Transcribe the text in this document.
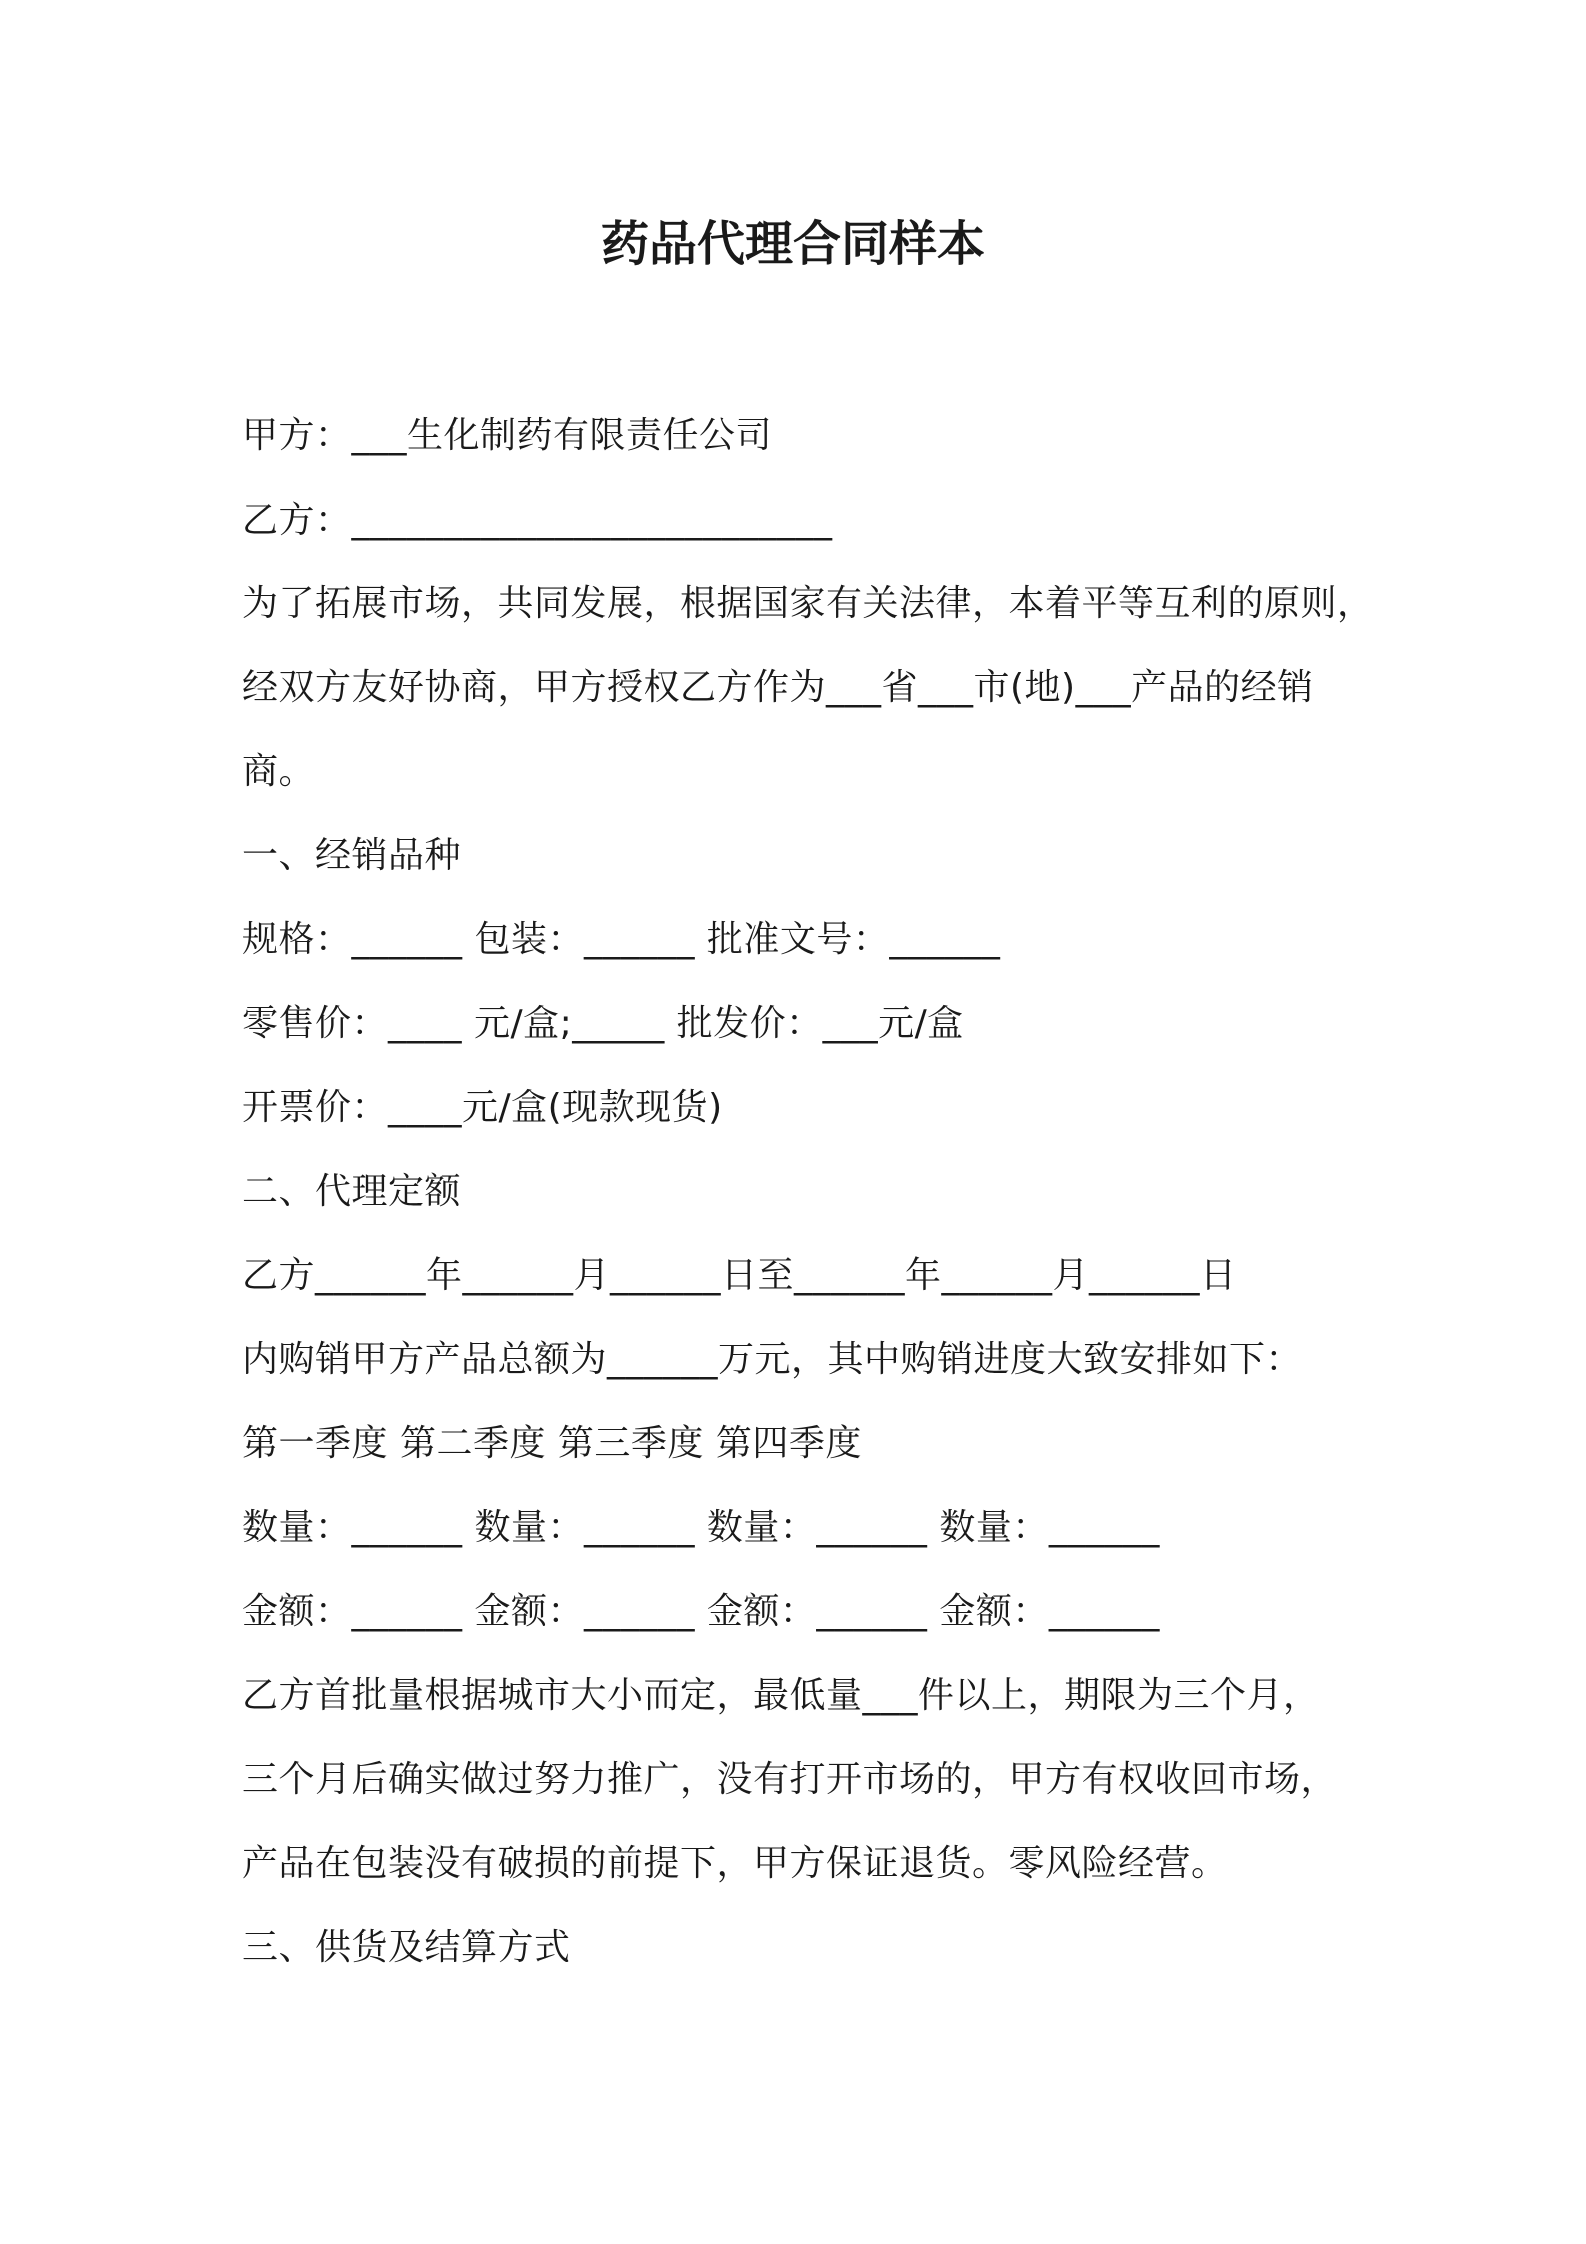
药品代理合同样本
甲方：___生化制药有限责任公司
乙方：__________________________
为了拓展市场，共同发展，根据国家有关法律，本着平等互利的原则，
经双方友好协商，甲方授权乙方作为___省___市(地)___产品的经销
商。
一、经销品种
规格：______ 包装：______ 批准文号：______
零售价：____ 元/盒;_____ 批发价：___元/盒
开票价：____元/盒(现款现货)
二、代理定额
乙方______年______月______日至______年______月______日
内购销甲方产品总额为______万元，其中购销进度大致安排如下：
第一季度 第二季度 第三季度 第四季度
数量：______ 数量：______ 数量：______ 数量：______
金额：______ 金额：______ 金额：______ 金额：______
乙方首批量根据城市大小而定，最低量___件以上，期限为三个月，
三个月后确实做过努力推广，没有打开市场的，甲方有权收回市场，
产品在包装没有破损的前提下，甲方保证退货。零风险经营。
三、供货及结算方式
